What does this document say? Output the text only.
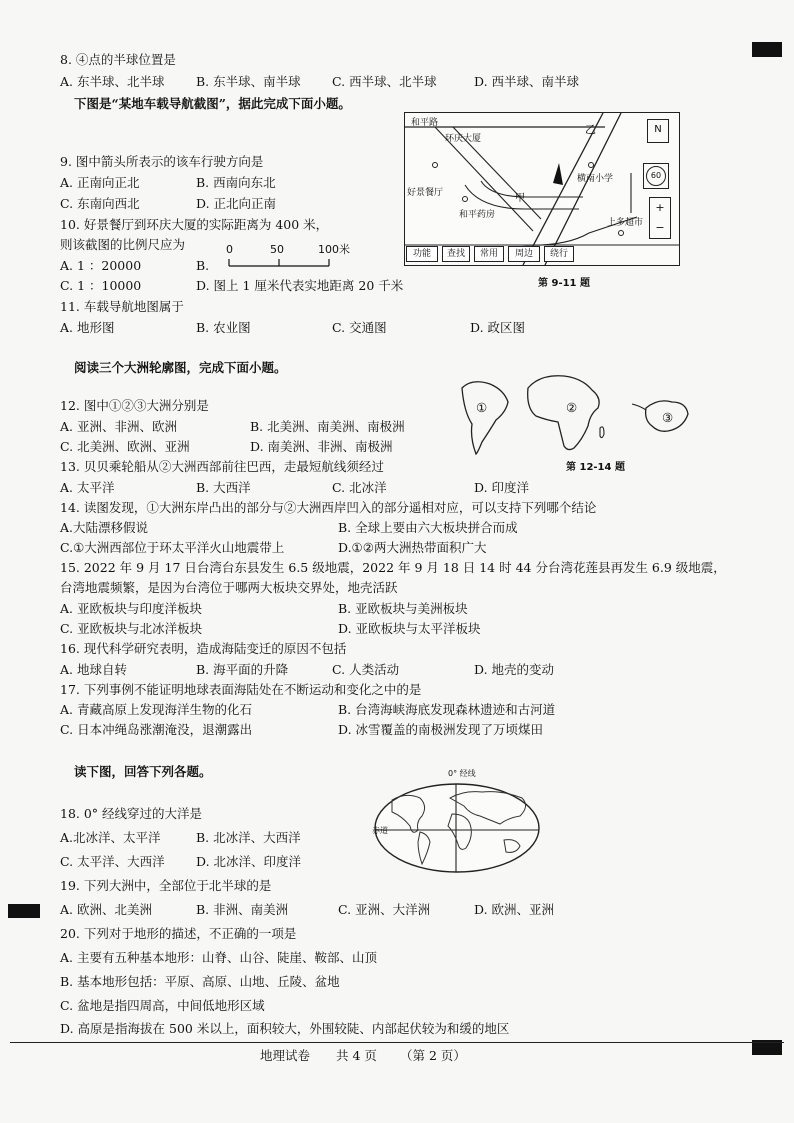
8. ④点的半球位置是
A. 东半球、北半球	B. 东半球、南半球	C. 西半球、北半球	D. 西半球、南半球
下图是“某地车载导航截图”，据此完成下面小题。
和平路
环庆大厦
乙	N
60
横南小学
好景餐厅	甲
和平药房
上多超市
+
−
功能	查找	常用	周边	绕行
第 9-11 题
9. 图中箭头所表示的该车行驶方向是
A. 正南向正北	B. 西南向东北
C. 东南向西北	D. 正北向正南
10. 好景餐厅到环庆大厦的实际距离为 400 米，
则该截图的比例尺应为
A. 1 ：20000	B.
0	50	100米
C. 1 ：10000	D. 图上 1 厘米代表实地距离 20 千米
11. 车载导航地图属于
A. 地形图	B. 农业图	C. 交通图	D. 政区图
阅读三个大洲轮廓图，完成下面小题。
①	②
③
第 12-14 题
12. 图中①②③大洲分别是
A. 亚洲、非洲、欧洲	B. 北美洲、南美洲、南极洲
C. 北美洲、欧洲、亚洲	D. 南美洲、非洲、南极洲
13. 贝贝乘轮船从②大洲西部前往巴西，走最短航线须经过
A. 太平洋	B. 大西洋	C. 北冰洋	D. 印度洋
14. 读图发现，①大洲东岸凸出的部分与②大洲西岸凹入的部分遥相对应，可以支持下列哪个结论
A.大陆漂移假说	B. 全球上要由六大板块拼合而成
C.①大洲西部位于环太平洋火山地震带上	D.①②两大洲热带面积广大
15. 2022 年 9 月 17 日台湾台东县发生 6.5 级地震，2022 年 9 月 18 日 14 时 44 分台湾花莲县再发生 6.9 级地震，
台湾地震频繁，是因为台湾位于哪两大板块交界处，地壳活跃
A. 亚欧板块与印度洋板块	B. 亚欧板块与美洲板块
C. 亚欧板块与北冰洋板块	D. 亚欧板块与太平洋板块
16. 现代科学研究表明，造成海陆变迁的原因不包括
A. 地球自转	B. 海平面的升降	C. 人类活动	D. 地壳的变动
17. 下列事例不能证明地球表面海陆处在不断运动和变化之中的是
A. 青藏高原上发现海洋生物的化石	B. 台湾海峡海底发现森林遗迹和古河道
C. 日本冲绳岛涨潮淹没，退潮露出	D. 冰雪覆盖的南极洲发现了万顷煤田
读下图，回答下列各题。	0° 经线
赤道
18. 0° 经线穿过的大洋是
A.北冰洋、太平洋	B. 北冰洋、大西洋
C. 太平洋、大西洋	D. 北冰洋、印度洋
19. 下列大洲中，全部位于北半球的是
A. 欧洲、北美洲	B. 非洲、南美洲	C. 亚洲、大洋洲	D. 欧洲、亚洲
20. 下列对于地形的描述，不正确的一项是
A. 主要有五种基本地形：山脊、山谷、陡崖、鞍部、山顶
B. 基本地形包括：平原、高原、山地、丘陵、盆地
C. 盆地是指四周高，中间低地形区域
D. 高原是指海拔在 500 米以上，面积较大，外围较陡、内部起伏较为和缓的地区
地理试卷 共 4 页 （第 2 页）
